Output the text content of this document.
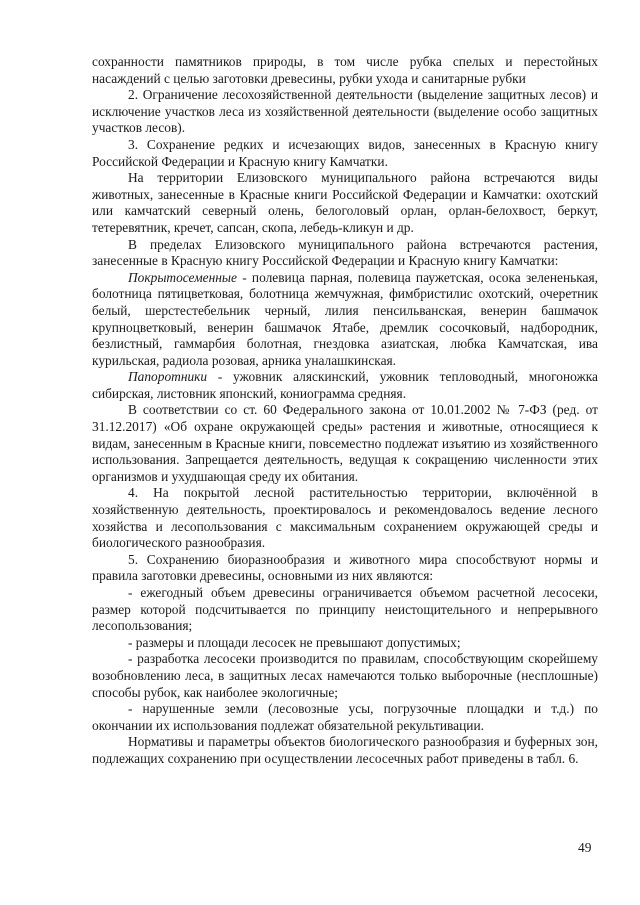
сохранности памятников природы, в том числе рубка спелых и перестойных насаждений с целью заготовки древесины, рубки ухода и санитарные рубки

2. Ограничение лесохозяйственной деятельности (выделение защитных лесов) и исключение участков леса из хозяйственной деятельности (выделение особо защитных участков лесов).

3. Сохранение редких и исчезающих видов, занесенных в Красную книгу Российской Федерации и Красную книгу Камчатки.

На территории Елизовского муниципального района встречаются виды животных, занесенные в Красные книги Российской Федерации и Камчатки: охотский или камчатский северный олень, белоголовый орлан, орлан-белохвост, беркут, тетеревятник, кречет, сапсан, скопа, лебедь-кликун и др.

В пределах Елизовского муниципального района встречаются растения, занесенные в Красную книгу Российской Федерации и Красную книгу Камчатки:

Покрытосеменные - полевица парная, полевица паужетская, осока зелененькая, болотница пятицветковая, болотница жемчужная, фимбристилис охотский, очеретник белый, шерстестебельник черный, лилия пенсильванская, венерин башмачок крупноцветковый, венерин башмачок Ятабе, дремлик сосочковый, надбородник, безлистный, гаммарбия болотная, гнездовка азиатская, любка Камчатская, ива курильская, радиола розовая, арника уналашкинская.

Папоротники - ужовник аляскинский, ужовник тепловодный, многоножка сибирская, листовник японский, кониограмма средняя.

В соответствии со ст. 60 Федерального закона от 10.01.2002 № 7-ФЗ (ред. от 31.12.2017) «Об охране окружающей среды» растения и животные, относящиеся к видам, занесенным в Красные книги, повсеместно подлежат изъятию из хозяйственного использования. Запрещается деятельность, ведущая к сокращению численности этих организмов и ухудшающая среду их обитания.

4. На покрытой лесной растительностью территории, включённой в хозяйственную деятельность, проектировалось и рекомендовалось ведение лесного хозяйства и лесопользования с максимальным сохранением окружающей среды и биологического разнообразия.

5. Сохранению биоразнообразия и животного мира способствуют нормы и правила заготовки древесины, основными из них являются:

- ежегодный объем древесины ограничивается объемом расчетной лесосеки, размер которой подсчитывается по принципу неистощительного и непрерывного лесопользования;

- размеры и площади лесосек не превышают допустимых;

- разработка лесосеки производится по правилам, способствующим скорейшему возобновлению леса, в защитных лесах намечаются только выборочные (несплошные) способы рубок, как наиболее экологичные;

- нарушенные земли (лесовозные усы, погрузочные площадки и т.д.) по окончании их использования подлежат обязательной рекультивации.

Нормативы и параметры объектов биологического разнообразия и буферных зон, подлежащих сохранению при осуществлении лесосечных работ приведены в табл. 6.

49
